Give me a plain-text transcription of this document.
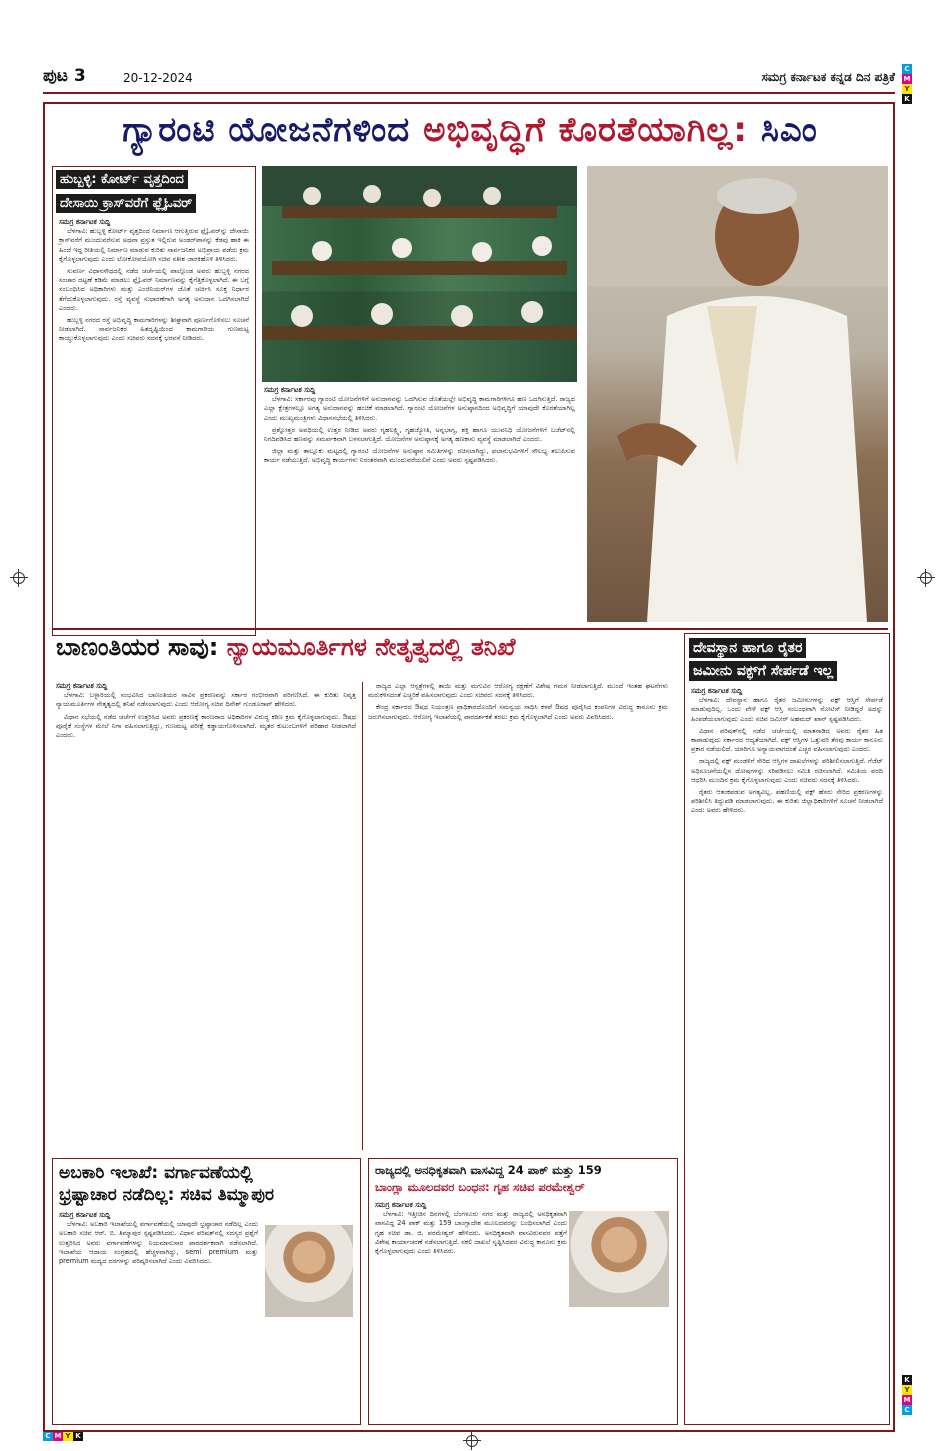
C
M
Y
K
K
Y
M
C
C M Y K
ಪುಟ 3	20-12-2024	ಸಮಗ್ರ ಕರ್ನಾಟಕ ಕನ್ನಡ ದಿನ ಪತ್ರಿಕೆ
ಗ್ಯಾರಂಟಿ ಯೋಜನೆಗಳಿಂದ ಅಭಿವೃದ್ಧಿಗೆ ಕೊರತೆಯಾಗಿಲ್ಲ: ಸಿಎಂ
ಹುಬ್ಬಳ್ಳಿ: ಕೋರ್ಟ್ ವೃತ್ತದಿಂದ ದೇಸಾಯಿ ಕ್ರಾಸ್‌ವರೆಗೆ ಫ್ಲೈಓವರ್
ಸಮಗ್ರ ಕರ್ನಾಟಕ ಸುದ್ದಿ

ಬೆಳಗಾವಿ: ಹುಬ್ಬಳ್ಳಿ ಕೋರ್ಟ್ ವೃತ್ತದಿಂದ ನಿರ್ಮಾಣ ಆಗುತ್ತಿರುವ ಫ್ಲೈಓವರ್‌ನ್ನು ದೇಸಾಯಿ ಕ್ರಾಸ್‌ವರೆಗೆ ಮುಂದುವರೆಸುವ ಅಥವಾ ಪ್ರಸ್ತುತ ಇಲ್ಲಿರುವ ಅಂಡರ್‌ಪಾಸನ್ನು ಕೆಡವು ಹಾಕಿ ಈ ಹಿಂದೆ ಇದ್ದ ರೀತಿಯಲ್ಲಿ ನಿರ್ಮಾಣ ಮಾಡುವ ಕುರಿತು ಸಾರ್ವಜನಿಕರ ಅಭಿಪ್ರಾಯ ಪಡೆದು ಕ್ರಮ ಕೈಗೊಳ್ಳಲಾಗುವುದು ಎಂದು ಲೋಕೋಪಯೋಗಿ ಸಚಿವ ಸತೀಶ ಜಾರಕಿಹೊಳಿ ತಿಳಿಸಿದರು.

ಸುವರ್ಣ ವಿಧಾನಸೌಧದಲ್ಲಿ ನಡೆದ ಚರ್ಚೆಯಲ್ಲಿ ಪಾಲ್ಗೊಂಡ ಅವರು ಹುಬ್ಬಳ್ಳಿ ನಗರದ ಸಂಚಾರ ದಟ್ಟಣೆ ಕಡಿಮೆ ಮಾಡಲು ಫ್ಲೈಓವರ್ ನಿರ್ಮಾಣವನ್ನು ಕೈಗೆತ್ತಿಕೊಳ್ಳಲಾಗಿದೆ. ಈ ಬಗ್ಗೆ ಸಂಬಂಧಿಸಿದ ಅಧಿಕಾರಿಗಳು ಮತ್ತು ಎಂಜಿನಿಯರ್‌ಗಳ ಜೊತೆ ಚರ್ಚಿಸಿ ಸೂಕ್ತ ನಿರ್ಧಾರ ತೆಗೆದುಕೊಳ್ಳಲಾಗುವುದು. ರಸ್ತೆ ವ್ಯವಸ್ಥೆ ಸುಧಾರಣೆಗಾಗಿ ಅಗತ್ಯ ಅನುದಾನ ಒದಗಿಸಲಾಗಿದೆ ಎಂದರು.

ಹುಬ್ಬಳ್ಳಿ ನಗರದ ರಸ್ತೆ ಅಭಿವೃದ್ಧಿ ಕಾಮಗಾರಿಗಳನ್ನು ಶೀಘ್ರವಾಗಿ ಪೂರ್ಣಗೊಳಿಸಲು ಸೂಚನೆ ನೀಡಲಾಗಿದೆ. ಸಾರ್ವಜನಿಕರ ಹಿತದೃಷ್ಟಿಯಿಂದ ಕಾಮಗಾರಿಯ ಗುಣಮಟ್ಟ ಕಾಯ್ದುಕೊಳ್ಳಲಾಗುವುದು ಎಂದು ಸಚಿವರು ಸದನಕ್ಕೆ ಭರವಸೆ ನೀಡಿದರು.

ಸಮಗ್ರ ಕರ್ನಾಟಕ ಸುದ್ದಿ

ಬೆಳಗಾವಿ: ಸರ್ಕಾರವು ಗ್ಯಾರಂಟಿ ಯೋಜನೆಗಳಿಗೆ ಅನುದಾನವನ್ನು ಒದಗಿಸುವ ಜೊತೆಯಲ್ಲೇ ಅಭಿವೃದ್ಧಿ ಕಾಮಗಾರಿಗಳಿಗೂ ಹಣ ಒದಗಿಸುತ್ತಿದೆ. ರಾಜ್ಯದ ಎಲ್ಲಾ ಕ್ಷೇತ್ರಗಳಲ್ಲೂ ಅಗತ್ಯ ಅನುದಾನವನ್ನು ಹಂಚಿಕೆ ಮಾಡಲಾಗಿದೆ. ಗ್ಯಾರಂಟಿ ಯೋಜನೆಗಳ ಅನುಷ್ಠಾನದಿಂದ ಅಭಿವೃದ್ಧಿಗೆ ಯಾವುದೇ ಕೊರತೆಯಾಗಿಲ್ಲ ಎಂದು ಮುಖ್ಯಮಂತ್ರಿಗಳು ವಿಧಾನಸಭೆಯಲ್ಲಿ ತಿಳಿಸಿದರು.

ಪ್ರಶ್ನೋತ್ತರ ಅವಧಿಯಲ್ಲಿ ಉತ್ತರ ನೀಡಿದ ಅವರು ಗೃಹಲಕ್ಷ್ಮಿ, ಗೃಹಜ್ಯೋತಿ, ಅನ್ನಭಾಗ್ಯ, ಶಕ್ತಿ ಹಾಗೂ ಯುವನಿಧಿ ಯೋಜನೆಗಳಿಗೆ ಬಜೆಟ್‌ನಲ್ಲಿ ನಿಗದಿಪಡಿಸಿದ ಹಣವನ್ನು ಸಮರ್ಪಕವಾಗಿ ಬಳಸಲಾಗುತ್ತಿದೆ. ಯೋಜನೆಗಳ ಅನುಷ್ಠಾನಕ್ಕೆ ಅಗತ್ಯ ಹಣಕಾಸು ವ್ಯವಸ್ಥೆ ಮಾಡಲಾಗಿದೆ ಎಂದರು.

ಜಿಲ್ಲಾ ಮತ್ತು ತಾಲ್ಲೂಕು ಮಟ್ಟದಲ್ಲಿ ಗ್ಯಾರಂಟಿ ಯೋಜನೆಗಳ ಅನುಷ್ಠಾನ ಸಮಿತಿಗಳನ್ನು ರಚಿಸಲಾಗಿದ್ದು, ಫಲಾನುಭವಿಗಳಿಗೆ ಸೌಲಭ್ಯ ತಲುಪಿಸುವ ಕಾರ್ಯ ನಡೆಯುತ್ತಿದೆ. ಅಭಿವೃದ್ಧಿ ಕಾರ್ಯಗಳು ನಿರಂತರವಾಗಿ ಮುಂದುವರೆಯಲಿವೆ ಎಂದು ಅವರು ಸ್ಪಷ್ಟಪಡಿಸಿದರು.

ಬಾಣಂತಿಯರ ಸಾವು: ನ್ಯಾಯಮೂರ್ತಿಗಳ ನೇತೃತ್ವದಲ್ಲಿ ತನಿಖೆ
ಸಮಗ್ರ ಕರ್ನಾಟಕ ಸುದ್ದಿ

ಬೆಳಗಾವಿ: ಬಳ್ಳಾರಿಯಲ್ಲಿ ಸಂಭವಿಸಿದ ಬಾಣಂತಿಯರ ಸಾವಿನ ಪ್ರಕರಣವನ್ನು ಸರ್ಕಾರ ಗಂಭೀರವಾಗಿ ಪರಿಗಣಿಸಿದೆ. ಈ ಕುರಿತು ನಿವೃತ್ತ ನ್ಯಾಯಮೂರ್ತಿಗಳ ನೇತೃತ್ವದಲ್ಲಿ ತನಿಖೆ ನಡೆಸಲಾಗುವುದು ಎಂದು ಆರೋಗ್ಯ ಸಚಿವ ದಿನೇಶ್ ಗುಂಡೂರಾವ್ ಹೇಳಿದರು.

ವಿಧಾನ ಸಭೆಯಲ್ಲಿ ನಡೆದ ಚರ್ಚೆಗೆ ಉತ್ತರಿಸಿದ ಅವರು ಪ್ರಕರಣಕ್ಕೆ ಕಾರಣರಾದ ಅಧಿಕಾರಿಗಳ ವಿರುದ್ಧ ಕಠಿಣ ಕ್ರಮ ಕೈಗೊಳ್ಳಲಾಗುವುದು. ಔಷಧ ಪೂರೈಕೆ ಸಂಸ್ಥೆಗಳ ಮೇಲೆ ನಿಗಾ ವಹಿಸಲಾಗುತ್ತಿದ್ದು, ಗುಣಮಟ್ಟ ಪರೀಕ್ಷೆ ಕಡ್ಡಾಯಗೊಳಿಸಲಾಗಿದೆ. ಮೃತರ ಕುಟುಂಬಗಳಿಗೆ ಪರಿಹಾರ ನೀಡಲಾಗಿದೆ ಎಂದರು.

ರಾಜ್ಯದ ಎಲ್ಲಾ ಆಸ್ಪತ್ರೆಗಳಲ್ಲಿ ತಾಯಿ ಮತ್ತು ಮಗುವಿನ ಆರೋಗ್ಯ ರಕ್ಷಣೆಗೆ ವಿಶೇಷ ಗಮನ ನೀಡಲಾಗುತ್ತಿದೆ. ಮುಂದೆ ಇಂತಹ ಘಟನೆಗಳು ಮರುಕಳಿಸದಂತೆ ಎಚ್ಚರಿಕೆ ವಹಿಸಲಾಗುವುದು ಎಂದು ಸಚಿವರು ಸದನಕ್ಕೆ ತಿಳಿಸಿದರು.

ಕೇಂದ್ರ ಸರ್ಕಾರದ ಔಷಧ ನಿಯಂತ್ರಣ ಪ್ರಾಧಿಕಾರದೊಂದಿಗೆ ಸಮನ್ವಯ ಸಾಧಿಸಿ ಕಳಪೆ ಔಷಧ ಪೂರೈಸಿದ ಕಂಪನಿಗಳ ವಿರುದ್ಧ ಕಾನೂನು ಕ್ರಮ ಜರುಗಿಸಲಾಗುವುದು. ಆರೋಗ್ಯ ಇಲಾಖೆಯಲ್ಲಿ ಪಾರದರ್ಶಕತೆ ತರಲು ಕ್ರಮ ಕೈಗೊಳ್ಳಲಾಗಿದೆ ಎಂದು ಅವರು ವಿವರಿಸಿದರು.

ದೇವಸ್ಥಾನ ಹಾಗೂ ರೈತರ ಜಮೀನು ವಕ್ಫ್‌ಗೆ ಸೇರ್ಪಡೆ ಇಲ್ಲ
ಸಮಗ್ರ ಕರ್ನಾಟಕ ಸುದ್ದಿ

ಬೆಳಗಾವಿ: ದೇವಸ್ಥಾನ ಹಾಗೂ ರೈತರ ಜಮೀನುಗಳನ್ನು ವಕ್ಫ್ ಆಸ್ತಿಗೆ ಸೇರ್ಪಡೆ ಮಾಡುವುದಿಲ್ಲ. ಒಂದು ವೇಳೆ ವಕ್ಫ್ ಆಸ್ತಿ ಸಂಬಂಧವಾಗಿ ನೋಟಿಸ್ ನೀಡಿದ್ದರೆ ಅದನ್ನು ಹಿಂಪಡೆಯಲಾಗುವುದು ಎಂದು ಸಚಿವ ಜಮೀರ್ ಅಹಮದ್ ಖಾನ್ ಸ್ಪಷ್ಟಪಡಿಸಿದರು.

ವಿಧಾನ ಪರಿಷತ್‌ನಲ್ಲಿ ನಡೆದ ಚರ್ಚೆಯಲ್ಲಿ ಮಾತನಾಡಿದ ಅವರು ರೈತರ ಹಿತ ಕಾಪಾಡುವುದು ಸರ್ಕಾರದ ಆದ್ಯತೆಯಾಗಿದೆ. ವಕ್ಫ್ ಆಸ್ತಿಗಳ ಒತ್ತುವರಿ ತೆರವು ಕಾರ್ಯ ಕಾನೂನು ಪ್ರಕಾರ ನಡೆಯಲಿದೆ. ಯಾರಿಗೂ ಅನ್ಯಾಯವಾಗದಂತೆ ಎಚ್ಚರ ವಹಿಸಲಾಗುವುದು ಎಂದರು.

ರಾಜ್ಯದಲ್ಲಿ ವಕ್ಫ್ ಮಂಡಳಿಗೆ ಸೇರಿದ ಆಸ್ತಿಗಳ ದಾಖಲೆಗಳನ್ನು ಪರಿಶೀಲಿಸಲಾಗುತ್ತಿದೆ. ಗೆಜೆಟ್ ಅಧಿಸೂಚನೆಯಲ್ಲಿನ ದೋಷಗಳನ್ನು ಸರಿಪಡಿಸಲು ಸಮಿತಿ ರಚಿಸಲಾಗಿದೆ. ಸಮಿತಿಯ ವರದಿ ಆಧರಿಸಿ ಮುಂದಿನ ಕ್ರಮ ಕೈಗೊಳ್ಳಲಾಗುವುದು ಎಂದು ಸಚಿವರು ಸದನಕ್ಕೆ ತಿಳಿಸಿದರು.

ರೈತರು ಆತಂಕಪಡುವ ಅಗತ್ಯವಿಲ್ಲ. ಪಹಣಿಯಲ್ಲಿ ವಕ್ಫ್ ಹೆಸರು ಸೇರಿದ ಪ್ರಕರಣಗಳನ್ನು ಪರಿಶೀಲಿಸಿ ತಿದ್ದುಪಡಿ ಮಾಡಲಾಗುವುದು. ಈ ಕುರಿತು ಜಿಲ್ಲಾಧಿಕಾರಿಗಳಿಗೆ ಸೂಚನೆ ನೀಡಲಾಗಿದೆ ಎಂದು ಅವರು ಹೇಳಿದರು.

ಅಬಕಾರಿ ಇಲಾಖೆ: ವರ್ಗಾವಣೆಯಲ್ಲಿ
ಭ್ರಷ್ಟಾಚಾರ ನಡೆದಿಲ್ಲ: ಸಚಿವ ತಿಮ್ಮಾಪುರ
ಸಮಗ್ರ ಕರ್ನಾಟಕ ಸುದ್ದಿ

ಬೆಳಗಾವಿ: ಅಬಕಾರಿ ಇಲಾಖೆಯಲ್ಲಿ ವರ್ಗಾವಣೆಯಲ್ಲಿ ಯಾವುದೇ ಭ್ರಷ್ಟಾಚಾರ ನಡೆದಿಲ್ಲ ಎಂದು ಅಬಕಾರಿ ಸಚಿವ ಆರ್. ಬಿ. ತಿಮ್ಮಾಪುರ ಸ್ಪಷ್ಟಪಡಿಸಿದರು. ವಿಧಾನ ಪರಿಷತ್‌ನಲ್ಲಿ ಸದಸ್ಯರ ಪ್ರಶ್ನೆಗೆ ಉತ್ತರಿಸಿದ ಅವರು ವರ್ಗಾವಣೆಗಳನ್ನು ನಿಯಮಾನುಸಾರ ಪಾರದರ್ಶಕವಾಗಿ ನಡೆಸಲಾಗಿದೆ. ಇಲಾಖೆಯ ಆದಾಯ ಸಂಗ್ರಹದಲ್ಲಿ ಹೆಚ್ಚಳವಾಗಿದ್ದು, semi premium ಮತ್ತು premium ಮದ್ಯದ ದರಗಳನ್ನು ಪರಿಷ್ಕರಿಸಲಾಗಿದೆ ಎಂದು ವಿವರಿಸಿದರು.

ರಾಜ್ಯದಲ್ಲಿ ಅನಧಿಕೃತವಾಗಿ ವಾಸವಿದ್ದ 24 ಪಾಕ್ ಮತ್ತು 159
ಬಾಂಗ್ಲಾ ಮೂಲದವರ ಬಂಧನ: ಗೃಹ ಸಚಿವ ಪರಮೇಶ್ವರ್
ಸಮಗ್ರ ಕರ್ನಾಟಕ ಸುದ್ದಿ

ಬೆಳಗಾವಿ: ಇತ್ತೀಚಿನ ದಿನಗಳಲ್ಲಿ ಬೆಂಗಳೂರು ನಗರ ಮತ್ತು ರಾಜ್ಯದಲ್ಲಿ ಅನಧಿಕೃತವಾಗಿ ವಾಸವಿದ್ದ 24 ಪಾಕ್ ಮತ್ತು 159 ಬಾಂಗ್ಲಾದೇಶ ಮೂಲದವರನ್ನು ಬಂಧಿಸಲಾಗಿದೆ ಎಂದು ಗೃಹ ಸಚಿವ ಡಾ. ಜಿ. ಪರಮೇಶ್ವರ್ ಹೇಳಿದರು. ಅನಧಿಕೃತವಾಗಿ ವಾಸವಿರುವವರ ಪತ್ತೆಗೆ ವಿಶೇಷ ಕಾರ್ಯಾಚರಣೆ ನಡೆಸಲಾಗುತ್ತಿದೆ. ನಕಲಿ ದಾಖಲೆ ಸೃಷ್ಟಿಸಿದವರ ವಿರುದ್ಧ ಕಾನೂನು ಕ್ರಮ ಕೈಗೊಳ್ಳಲಾಗುವುದು ಎಂದು ತಿಳಿಸಿದರು.
